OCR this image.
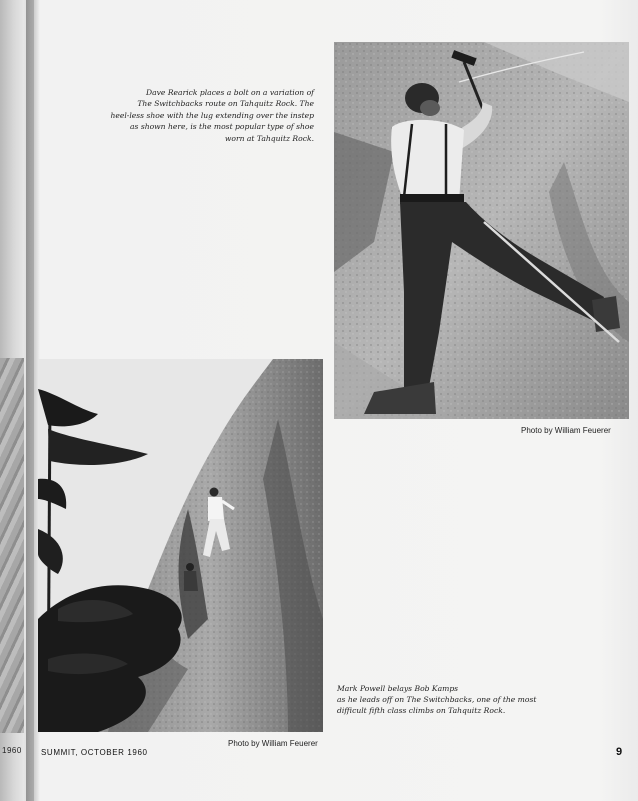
1960
Dave Rearick places a bolt on a variation of
The Switchbacks route on Tahquitz Rock. The
heel-less shoe with the lug extending over the instep
as shown here, is the most popular type of shoe
worn at Tahquitz Rock.
Photo by William Feuerer
Photo by William Feuerer
Mark Powell belays Bob Kamps
as he leads off on The Switchbacks, one of the most
difficult fifth class climbs on Tahquitz Rock.
SUMMIT, OCTOBER 1960	9
